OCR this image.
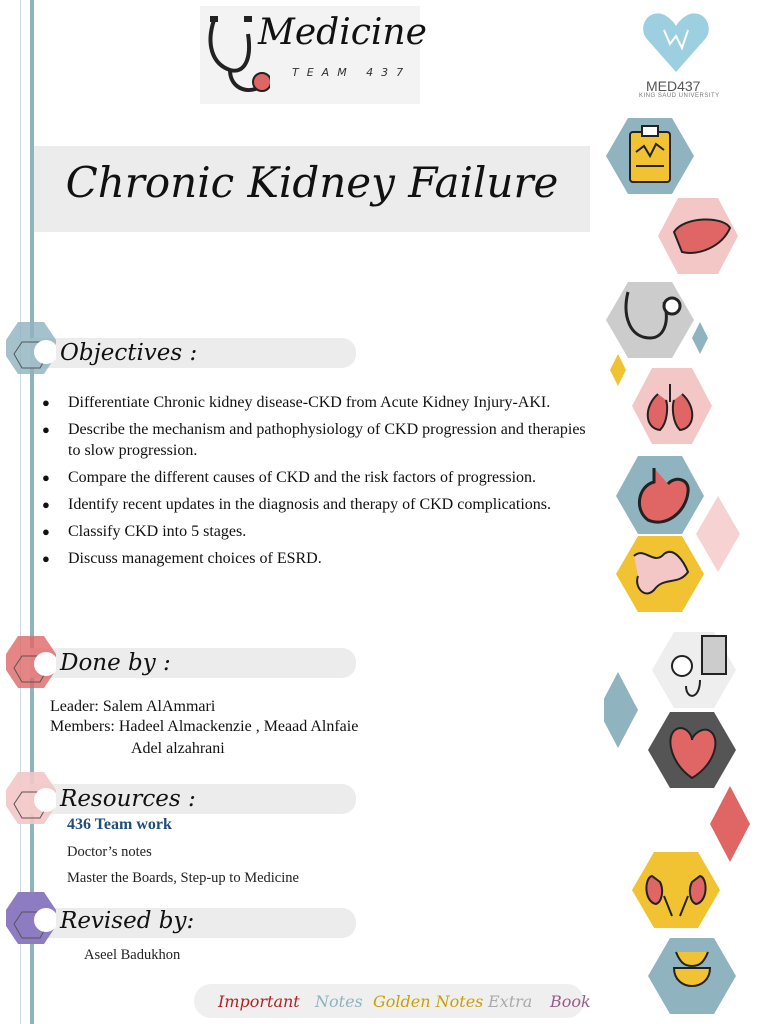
Medicine
TEAM 437
MED437
KING SAUD UNIVERSITY
Chronic Kidney Failure
Objectives :
● Differentiate Chronic kidney disease-CKD from Acute Kidney Injury-AKI.
● Describe the mechanism and pathophysiology of CKD progression and therapies to slow progression.
● Compare the different causes of CKD and the risk factors of progression.
● Identify recent updates in the diagnosis and therapy of CKD complications.
● Classify CKD into 5 stages.
● Discuss management choices of ESRD.
Done by :
Leader: Salem AlAmmari
Members: Hadeel Almackenzie , Meaad Alnfaie
Adel alzahrani
Resources :
436 Team work
Doctor’s notes
Master the Boards, Step-up to Medicine
Revised by:
Aseel Badukhon
Important Notes Golden Notes Extra Book
